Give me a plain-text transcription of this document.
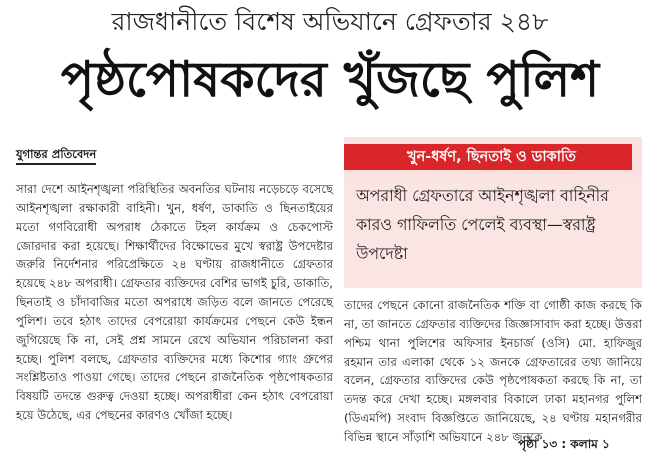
রাজধানীতে বিশেষ অভিযানে গ্রেফতার ২৪৮
পৃষ্ঠপোষকদের খুঁজছে পুলিশ
যুগান্তর প্রতিবেদন

সারা দেশে আইনশৃঙ্খলা পরিস্থিতির অবনতির ঘটনায় নড়েচড়ে বসেছে আইনশৃঙ্খলা রক্ষাকারী বাহিনী। খুন, ধর্ষণ, ডাকাতি ও ছিনতাইয়ের মতো গণবিরোধী অপরাধ ঠেকাতে টহল কার্যক্রম ও চেকপোস্ট জোরদার করা হয়েছে। শিক্ষার্থীদের বিক্ষোভের মুখে স্বরাষ্ট্র উপদেষ্টার জরুরি নির্দেশনার পরিপ্রেক্ষিতে ২৪ ঘণ্টায় রাজধানীতে গ্রেফতার হয়েছে ২৪৮ অপরাধী। গ্রেফতার ব্যক্তিদের বেশির ভাগই চুরি, ডাকাতি, ছিনতাই ও চাঁদাবাজির মতো অপরাধে জড়িত বলে জানতে পেরেছে পুলিশ। তবে হঠাৎ তাদের বেপরোয়া কার্যক্রমের পেছনে কেউ ইন্ধন জুগিয়েছে কি না, সেই প্রশ্ন সামনে রেখে অভিযান পরিচালনা করা হচ্ছে। পুলিশ বলছে, গ্রেফতার ব্যক্তিদের মধ্যে কিশোর গ্যাং গ্রুপের সংশ্লিষ্টতাও পাওয়া গেছে। তাদের পেছনে রাজনৈতিক পৃষ্ঠপোষকতার বিষয়টি তদন্তে গুরুত্ব দেওয়া হচ্ছে। অপরাধীরা কেন হঠাৎ বেপরোয়া হয়ে উঠেছে, এর পেছনের কারণও খোঁজা হচ্ছে।

খুন-ধর্ষণ, ছিনতাই ও ডাকাতি
অপরাধী গ্রেফতারে আইনশৃঙ্খলা বাহিনীর কারও গাফিলতি পেলেই ব্যবস্থা—স্বরাষ্ট্র উপদেষ্টা

তাদের পেছনে কোনো রাজনৈতিক শক্তি বা গোষ্ঠী কাজ করছে কি না, তা জানতে গ্রেফতার ব্যক্তিদের জিজ্ঞাসাবাদ করা হচ্ছে। উত্তরা পশ্চিম থানা পুলিশের অফিসার ইনচার্জ (ওসি) মো. হাফিজুর রহমান তার এলাকা থেকে ১২ জনকে গ্রেফতারের তথ্য জানিয়ে বলেন, গ্রেফতার ব্যক্তিদের কেউ পৃষ্ঠপোষকতা করছে কি না, তা তদন্ত করে দেখা হচ্ছে। মঙ্গলবার বিকালে ঢাকা মহানগর পুলিশ (ডিএমপি) সংবাদ বিজ্ঞপ্তিতে জানিয়েছে, ২৪ ঘণ্টায় মহানগরীর বিভিন্ন স্থানে সাঁড়াশি অভিযানে ২৪৮ জনকে

পৃষ্ঠা ১৩ : কলাম ১
